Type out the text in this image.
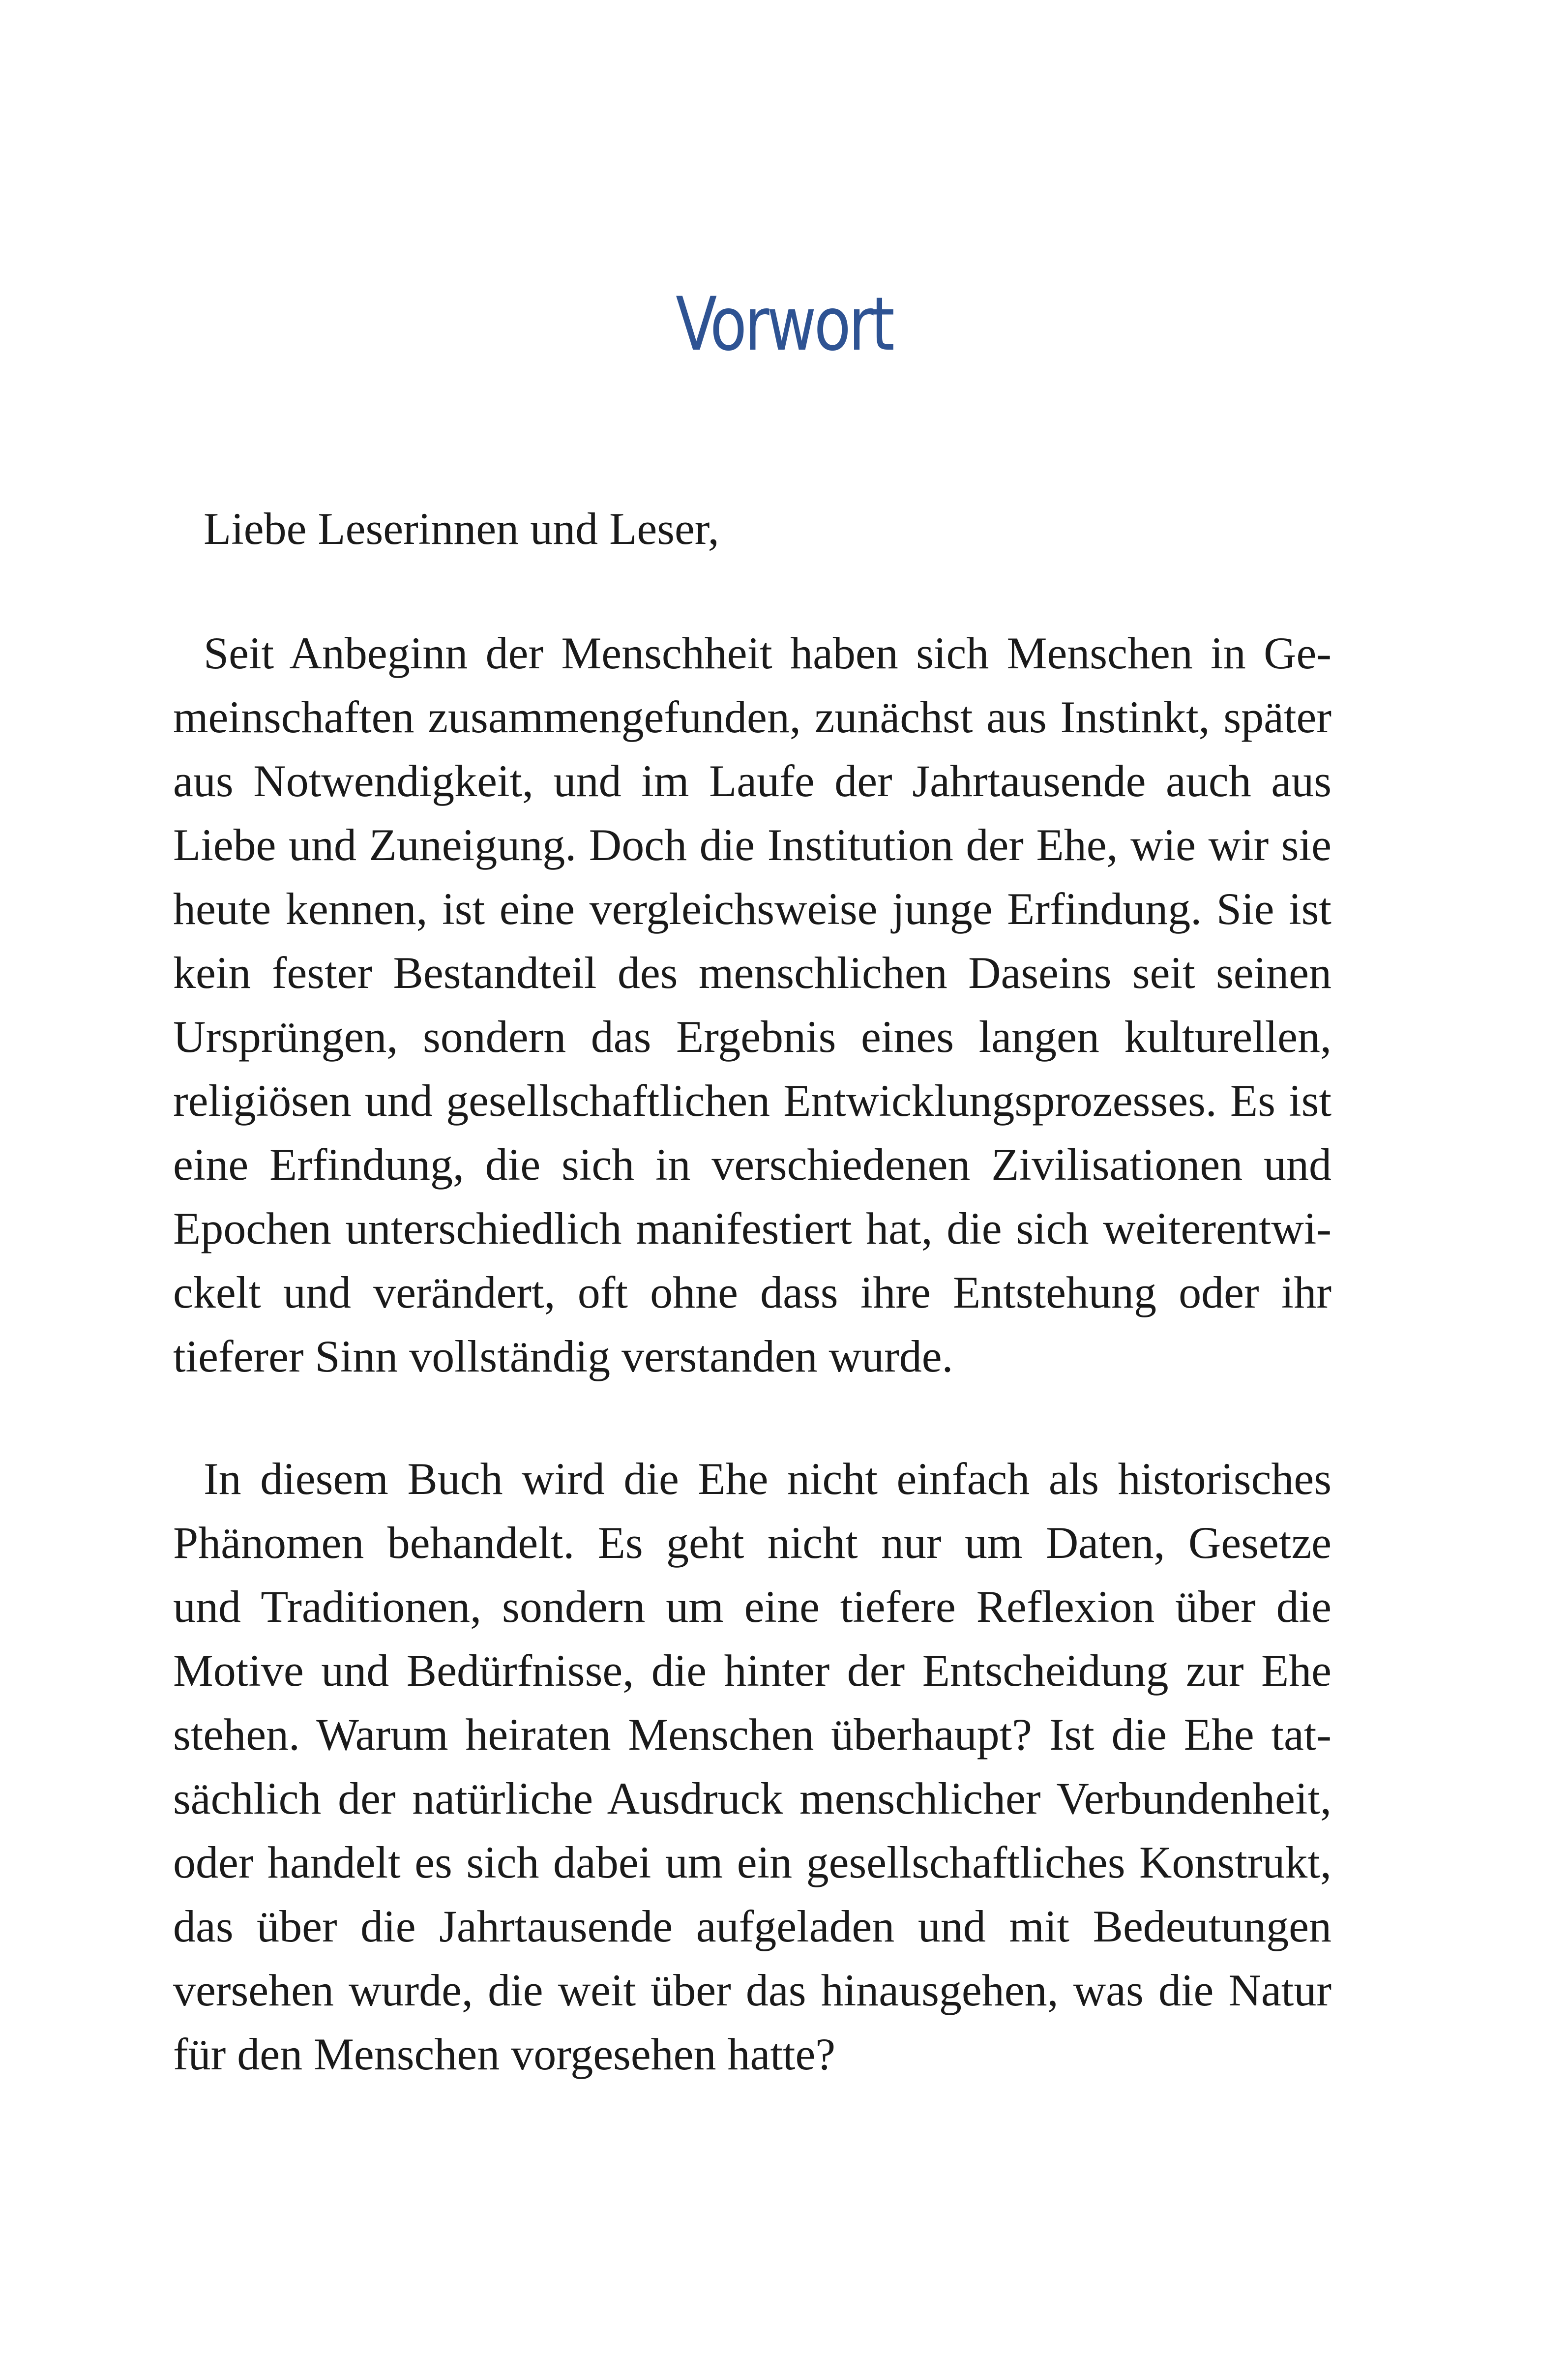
Vorwort
Liebe Leserinnen und Leser,
Seit Anbeginn der Menschheit haben sich Menschen in Ge-
meinschaften zusammengefunden, zunächst aus Instinkt, später
aus Notwendigkeit, und im Laufe der Jahrtausende auch aus
Liebe und Zuneigung. Doch die Institution der Ehe, wie wir sie
heute kennen, ist eine vergleichsweise junge Erfindung. Sie ist
kein fester Bestandteil des menschlichen Daseins seit seinen
Ursprüngen, sondern das Ergebnis eines langen kulturellen,
religiösen und gesellschaftlichen Entwicklungsprozesses. Es ist
eine Erfindung, die sich in verschiedenen Zivilisationen und
Epochen unterschiedlich manifestiert hat, die sich weiterentwi-
ckelt und verändert, oft ohne dass ihre Entstehung oder ihr
tieferer Sinn vollständig verstanden wurde.
In diesem Buch wird die Ehe nicht einfach als historisches
Phänomen behandelt. Es geht nicht nur um Daten, Gesetze
und Traditionen, sondern um eine tiefere Reflexion über die
Motive und Bedürfnisse, die hinter der Entscheidung zur Ehe
stehen. Warum heiraten Menschen überhaupt? Ist die Ehe tat-
sächlich der natürliche Ausdruck menschlicher Verbundenheit,
oder handelt es sich dabei um ein gesellschaftliches Konstrukt,
das über die Jahrtausende aufgeladen und mit Bedeutungen
versehen wurde, die weit über das hinausgehen, was die Natur
für den Menschen vorgesehen hatte?
